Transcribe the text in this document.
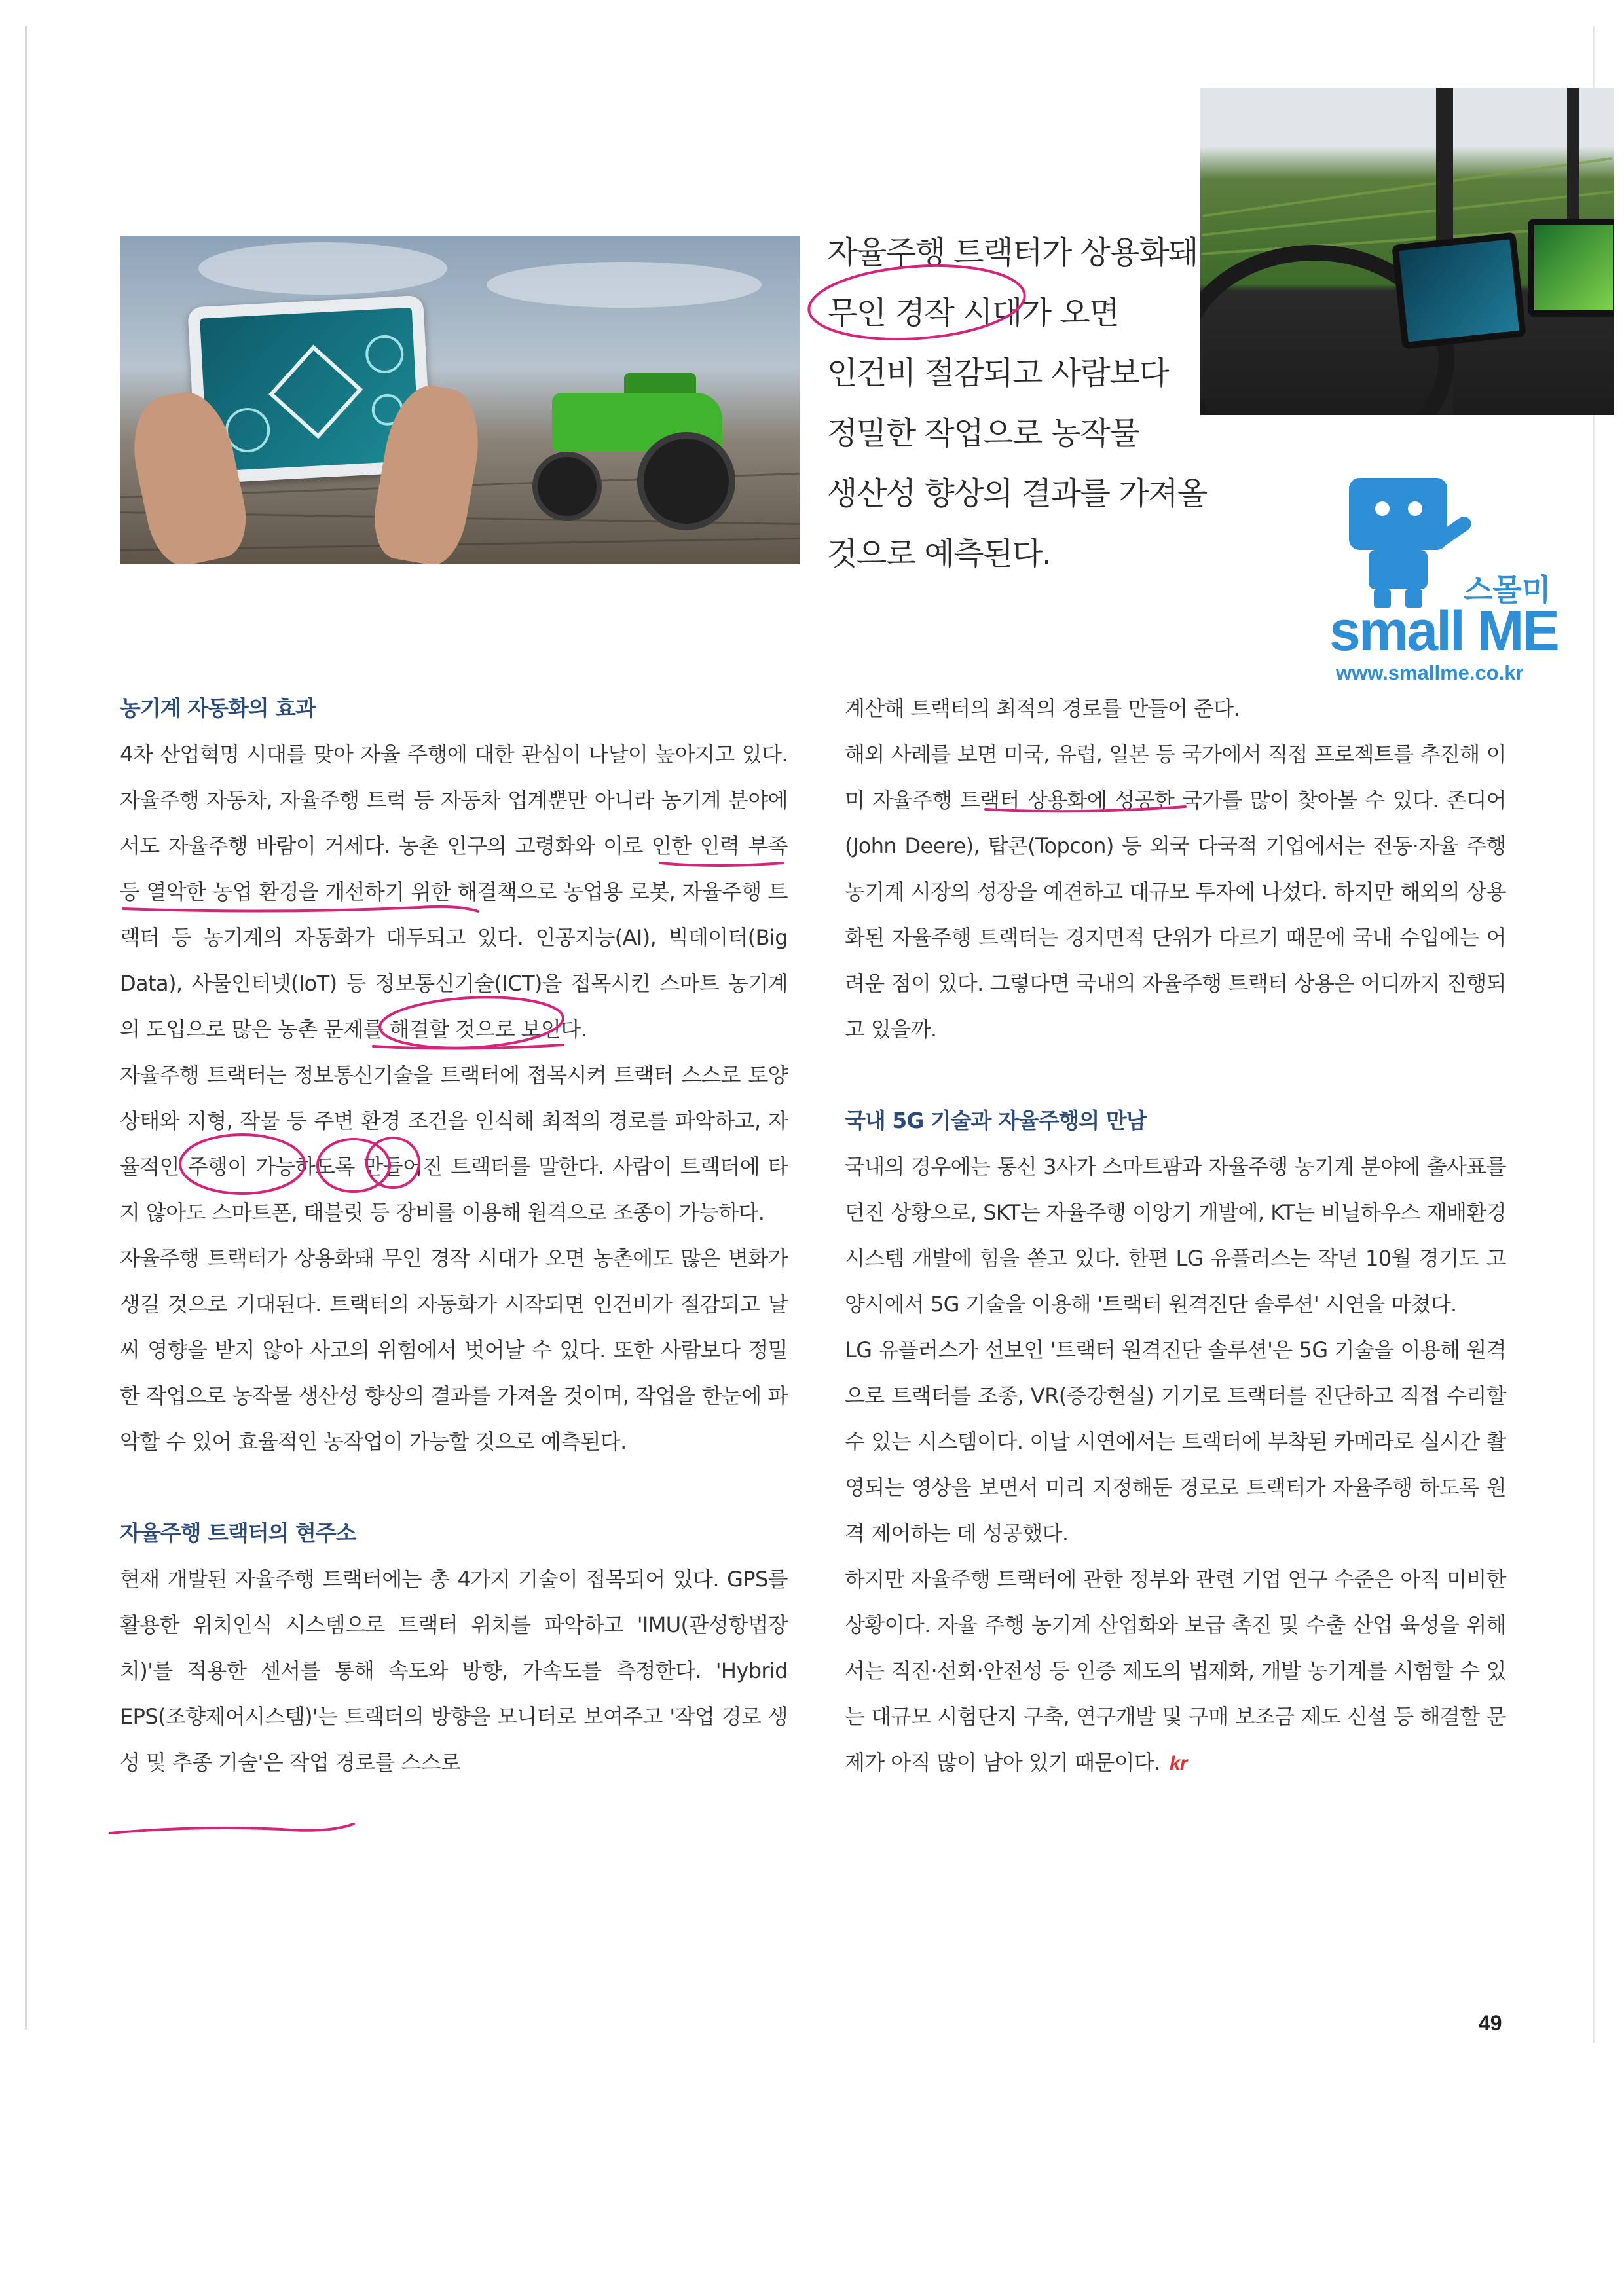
자율주행 트랙터가 상용화돼
무인 경작 시대가 오면
인건비 절감되고 사람보다
정밀한 작업으로 농작물
생산성 향상의 결과를 가져올
것으로 예측된다.
스몰미
small ME
www.smallme.co.kr
농기계 자동화의 효과

4차 산업혁명 시대를 맞아 자율 주행에 대한 관심이 나날이 높아지고 있다. 자율주행 자동차, 자율주행 트럭 등 자동차 업계뿐만 아니라 농기계 분야에서도 자율주행 바람이 거세다. 농촌 인구의 고령화와 이로 인한 인력 부족 등 열악한 농업 환경을 개선하기 위한 해결책으로 농업용 로봇, 자율주행 트랙터 등 농기계의 자동화가 대두되고 있다. 인공지능(AI), 빅데이터(Big Data), 사물인터넷(IoT) 등 정보통신기술(ICT)을 접목시킨 스마트 농기계의 도입으로 많은 농촌 문제를 해결할 것으로 보인다.

자율주행 트랙터는 정보통신기술을 트랙터에 접목시켜 트랙터 스스로 토양 상태와 지형, 작물 등 주변 환경 조건을 인식해 최적의 경로를 파악하고, 자율적인 주행이 가능하도록 만들어진 트랙터를 말한다. 사람이 트랙터에 타지 않아도 스마트폰, 태블릿 등 장비를 이용해 원격으로 조종이 가능하다.

자율주행 트랙터가 상용화돼 무인 경작 시대가 오면 농촌에도 많은 변화가 생길 것으로 기대된다. 트랙터의 자동화가 시작되면 인건비가 절감되고 날씨 영향을 받지 않아 사고의 위험에서 벗어날 수 있다. 또한 사람보다 정밀한 작업으로 농작물 생산성 향상의 결과를 가져올 것이며, 작업을 한눈에 파악할 수 있어 효율적인 농작업이 가능할 것으로 예측된다.

자율주행 트랙터의 현주소

현재 개발된 자율주행 트랙터에는 총 4가지 기술이 접목되어 있다. GPS를 활용한 위치인식 시스템으로 트랙터 위치를 파악하고 'IMU(관성항법장치)'를 적용한 센서를 통해 속도와 방향, 가속도를 측정한다. 'Hybrid EPS(조향제어시스템)'는 트랙터의 방향을 모니터로 보여주고 '작업 경로 생성 및 추종 기술'은 작업 경로를 스스로

계산해 트랙터의 최적의 경로를 만들어 준다.

해외 사례를 보면 미국, 유럽, 일본 등 국가에서 직접 프로젝트를 추진해 이미 자율주행 트랙터 상용화에 성공한 국가를 많이 찾아볼 수 있다. 존디어(John Deere), 탑콘(Topcon) 등 외국 다국적 기업에서는 전동·자율 주행 농기계 시장의 성장을 예견하고 대규모 투자에 나섰다. 하지만 해외의 상용화된 자율주행 트랙터는 경지면적 단위가 다르기 때문에 국내 수입에는 어려운 점이 있다. 그렇다면 국내의 자율주행 트랙터 상용은 어디까지 진행되고 있을까.

국내 5G 기술과 자율주행의 만남

국내의 경우에는 통신 3사가 스마트팜과 자율주행 농기계 분야에 출사표를 던진 상황으로, SKT는 자율주행 이앙기 개발에, KT는 비닐하우스 재배환경 시스템 개발에 힘을 쏟고 있다. 한편 LG 유플러스는 작년 10월 경기도 고양시에서 5G 기술을 이용해 '트랙터 원격진단 솔루션' 시연을 마쳤다.

LG 유플러스가 선보인 '트랙터 원격진단 솔루션'은 5G 기술을 이용해 원격으로 트랙터를 조종, VR(증강현실) 기기로 트랙터를 진단하고 직접 수리할 수 있는 시스템이다. 이날 시연에서는 트랙터에 부착된 카메라로 실시간 촬영되는 영상을 보면서 미리 지정해둔 경로로 트랙터가 자율주행 하도록 원격 제어하는 데 성공했다.

하지만 자율주행 트랙터에 관한 정부와 관련 기업 연구 수준은 아직 미비한 상황이다. 자율 주행 농기계 산업화와 보급 촉진 및 수출 산업 육성을 위해서는 직진·선회·안전성 등 인증 제도의 법제화, 개발 농기계를 시험할 수 있는 대규모 시험단지 구축, 연구개발 및 구매 보조금 제도 신설 등 해결할 문제가 아직 많이 남아 있기 때문이다. kr

49
